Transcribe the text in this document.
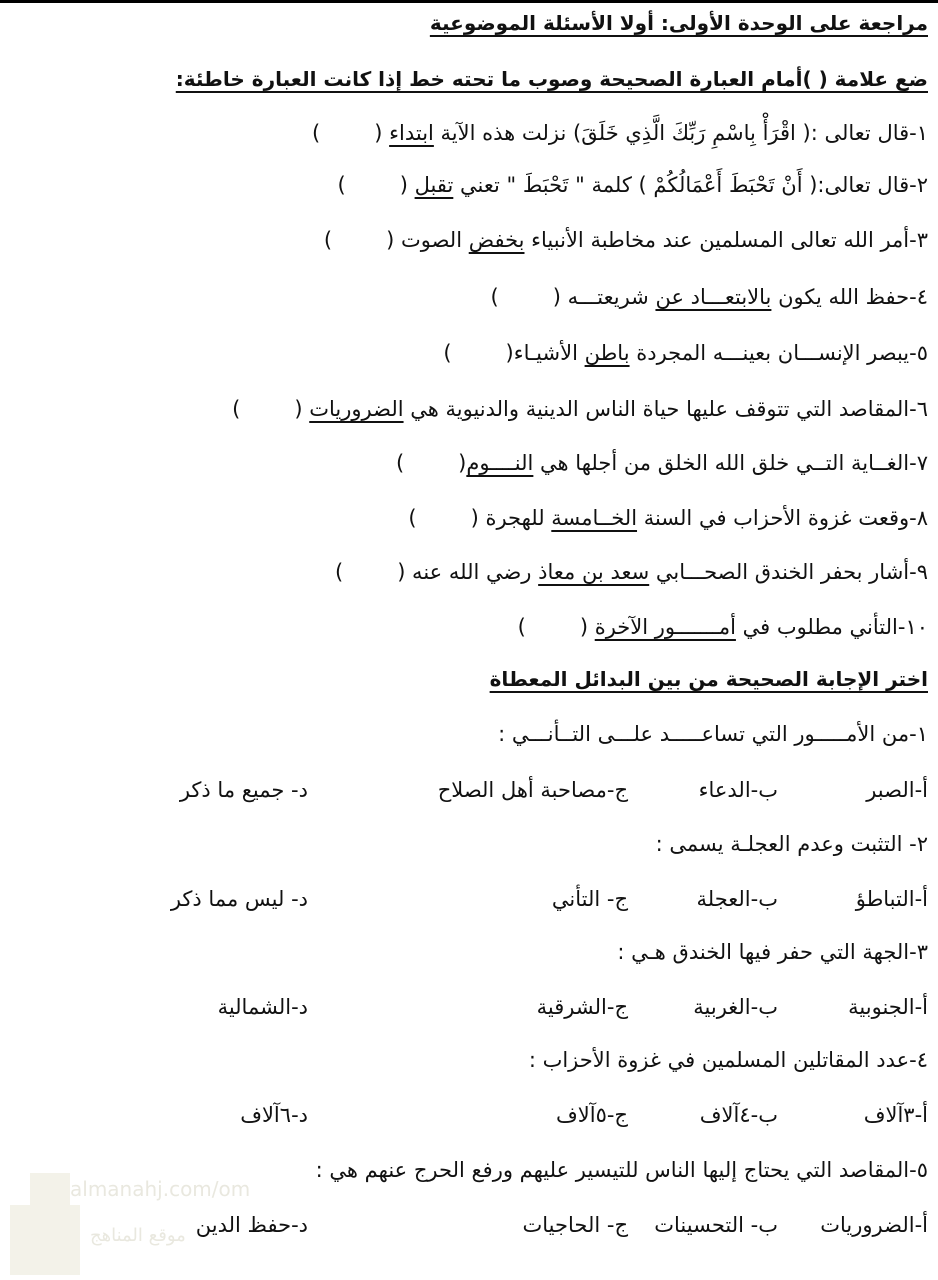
مراجعة على الوحدة الأولى: أولا الأسئلة الموضوعية
ضع علامة ( )أمام العبارة الصحيحة وصوب ما تحته خط إذا كانت العبارة خاطئة:
١-قال تعالى :( اقْرَأْ بِاسْمِ رَبِّكَ الَّذِي خَلَقَ) نزلت هذه الآية ابتداء ()
٢-قال تعالى:( أَنْ تَحْبَطَ أَعْمَالُكُمْ ) كلمة " تَحْبَطَ " تعني تقبل ()
٣-أمر الله تعالى المسلمين عند مخاطبة الأنبياء بخفض الصوت ()
٤-حفظ الله يكون بالابتعـــاد عن شريعتـــه ()
٥-يبصر الإنســـان بعينـــه المجردة باطن الأشيـاء()
٦-المقاصد التي تتوقف عليها حياة الناس الدينية والدنيوية هي الضروريات ()
٧-الغــاية التــي خلق الله الخلق من أجلها هي النــــوم()
٨-وقعت غزوة الأحزاب في السنة الخــامسة للهجرة ()
٩-أشار بحفر الخندق الصحـــابي سعد بن معاذ رضي الله عنه ()
١٠-التأني مطلوب في أمـــــــور الآخرة ()
اختر الإجابة الصحيحة من بين البدائل المعطاة
١-من الأمـــــور التي تساعـــــد علـــى التــأنـــي :
أ-الصبر
ب-الدعاء
ج-مصاحبة أهل الصلاح
د- جميع ما ذكر
٢- التثبت وعدم العجلـة يسمى :
أ-التباطؤ
ب-العجلة
ج- التأني
د- ليس مما ذكر
٣-الجهة التي حفر فيها الخندق هـي :
أ-الجنوبية
ب-الغربية
ج-الشرقية
د-الشمالية
٤-عدد المقاتلين المسلمين في غزوة الأحزاب :
أ-٣آلاف
ب-٤آلاف
ج-٥آلاف
د-٦آلاف
٥-المقاصد التي يحتاج إليها الناس للتيسير عليهم ورفع الحرج عنهم هي :
أ-الضروريات
ب- التحسينات
ج- الحاجيات
د-حفظ الدين
almanahj.com/om
موقع المناهج
